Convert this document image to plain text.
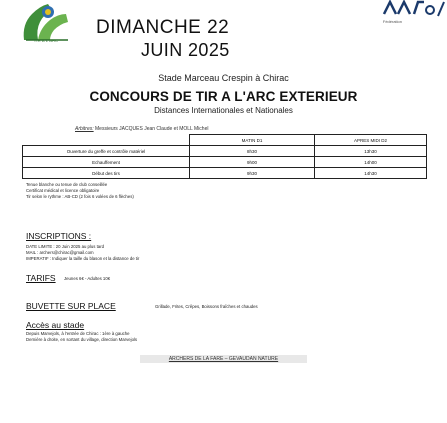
TIR A L'ARC
Fédération
DIMANCHE 22
JUIN 2025
Stade Marceau Crespin à Chirac
CONCOURS DE TIR A L'ARC EXTERIEUR
Distances Internationales et Nationales
Arbitres: Messieurs JACQUES Jean Claude et MOLL Michel
	MATIN D1	APRES MIDI D2
Ouverture du greffe et contrôle matériel	8h30	13h30
Echauffement	9h00	14h00
Début des tirs	9h30	14h30
Tenue blanche ou tenue de club conseillée
Certificat médical et licence obligatoire
Tir selon le rythme : AB-CD (2 fois 6 volées de 6 flèches)
INSCRIPTIONS :
DATE LIMITE : 20 Juin 2025 au plus tard
MAIL : archers@chirac@gmail.com
IMPERATIF : Indiquer la taille du blason et la distance de tir
TARIFS Jeunes 6€ - Adultes 10€
BUVETTE SUR PLACE	Grillade, Frites, Crêpes, Boissons fraîches et chaudes
Accès au stade
Depuis Marvejols, à l'entrée de Chirac : 1ère à gauche
Dernière à droite, en sortant du village, direction Marvejols
ARCHERS DE LA FARE – GEVAUDAN NATURE
